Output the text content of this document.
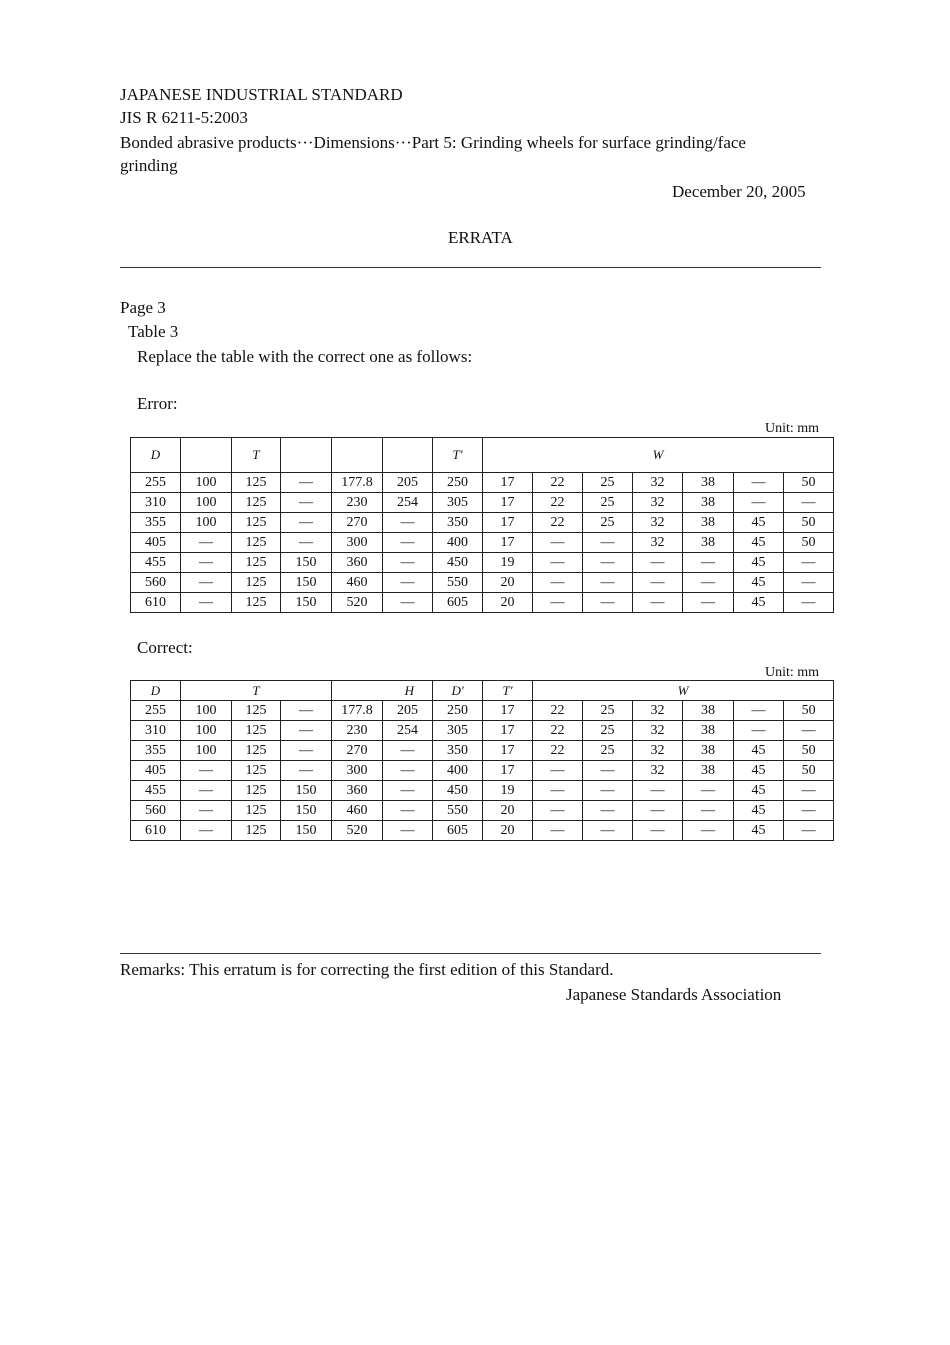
JAPANESE INDUSTRIAL STANDARD
JIS R 6211-5:2003
Bonded abrasive products···Dimensions···Part 5: Grinding wheels for surface grinding/face
grinding
December 20, 2005
ERRATA
Page 3
Table 3
Replace the table with the correct one as follows:
Error:
Unit: mm
D		T				T'	W						
255	100	125	—	177.8	205	250	17	22	25	32	38	—	50
310	100	125	—	230	254	305	17	22	25	32	38	—	—
355	100	125	—	270	—	350	17	22	25	32	38	45	50
405	—	125	—	300	—	400	17	—	—	32	38	45	50
455	—	125	150	360	—	450	19	—	—	—	—	45	—
560	—	125	150	460	—	550	20	—	—	—	—	45	—
610	—	125	150	520	—	605	20	—	—	—	—	45	—
Correct:
Unit: mm
D	T			H		D'	T'	W					
255	100	125	—	177.8	205	250	17	22	25	32	38	—	50
310	100	125	—	230	254	305	17	22	25	32	38	—	—
355	100	125	—	270	—	350	17	22	25	32	38	45	50
405	—	125	—	300	—	400	17	—	—	32	38	45	50
455	—	125	150	360	—	450	19	—	—	—	—	45	—
560	—	125	150	460	—	550	20	—	—	—	—	45	—
610	—	125	150	520	—	605	20	—	—	—	—	45	—
Remarks: This erratum is for correcting the first edition of this Standard.
Japanese Standards Association
